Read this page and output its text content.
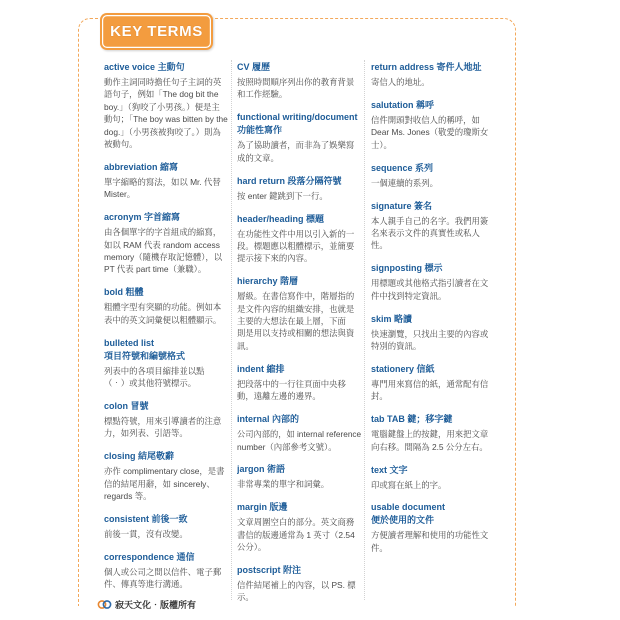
KEY TERMS
active voice 主動句
動作主詞同時擔任句子主詞的英
語句子，例如「The dog bit the
boy.」（狗咬了小男孩。）便是主
動句；「The boy was bitten by the
dog.」（小男孩被狗咬了。）則為
被動句。
abbreviation 縮寫
單字縮略的寫法，如以 Mr. 代替
Mister。
acronym 字首縮寫
由各個單字的字首組成的縮寫，
如以 RAM 代表 random access
memory（隨機存取記憶體），以
PT 代表 part time（兼職）。
bold 粗體
粗體字型有突顯的功能。例如本
表中的英文詞彙便以粗體顯示。
bulleted list 項目符號和編號格式
列表中的各項目縮排並以點
（‧）或其他符號標示。
colon 冒號
標點符號，用來引導讀者的注意
力，如列表、引語等。
closing 結尾敬辭
亦作 complimentary close，是書
信的結尾用辭，如 sincerely、
regards 等。
consistent 前後一致
前後一貫，沒有改變。
correspondence 通信
個人或公司之間以信件、電子郵
件、傳真等進行溝通。
CV 履歷
按照時間順序列出你的教育背景
和工作經驗。
functional writing/document 功能性寫作
為了協助讀者，而非為了娛樂寫
成的文章。
hard return 段落分隔符號
按 enter 鍵跳到下一行。
header/heading 標題
在功能性文件中用以引入新的一
段。標題應以粗體標示，並簡要
提示接下來的內容。
hierarchy 階層
層級。在書信寫作中，階層指的
是文件內容的組織安排，也就是
主要的大想法在最上層，下面
則是用以支持或相關的想法與資
訊。
indent 縮排
把段落中的一行往頁面中央移
動，遠離左邊的邊界。
internal 內部的
公司內部的，如 internal reference
number（內部參考文號）。
jargon 術語
非常專業的單字和詞彙。
margin 版邊
文章周圍空白的部分。英文商務
書信的版邊通常為 1 英寸（2.54
公分）。
postscript 附注
信件結尾補上的內容，以 PS. 標
示。
return address 寄件人地址
寄信人的地址。
salutation 稱呼
信件開頭對收信人的稱呼，如
Dear Ms. Jones（敬愛的瓊斯女
士）。
sequence 系列
一個連續的系列。
signature 簽名
本人親手自己的名字。我們用簽
名來表示文件的真實性或私人
性。
signposting 標示
用標題或其他格式指引讀者在文
件中找到特定資訊。
skim 略讀
快速瀏覽，只找出主要的內容或
特別的資訊。
stationery 信紙
專門用來寫信的紙，通常配有信
封。
tab TAB 鍵；移字鍵
電腦鍵盤上的按鍵，用來把文章
向右移。間隔為 2.5 公分左右。
text 文字
印或寫在紙上的字。
usable document 便於使用的文件
方便讀者理解和使用的功能性文
件。
寂天文化‧版權所有
